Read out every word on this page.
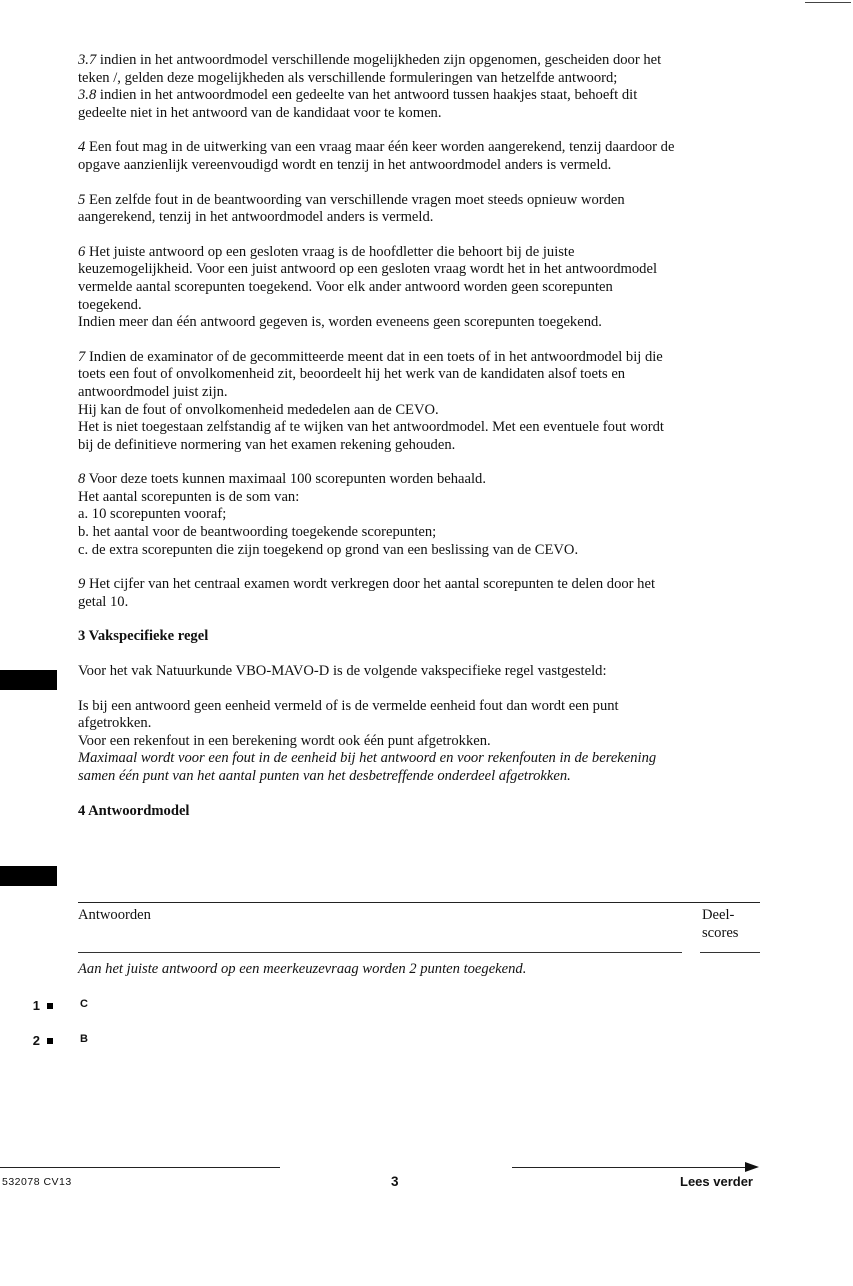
3.7 indien in het antwoordmodel verschillende mogelijkheden zijn opgenomen, gescheiden door het teken /, gelden deze mogelijkheden als verschillende formuleringen van hetzelfde antwoord;

3.8 indien in het antwoordmodel een gedeelte van het antwoord tussen haakjes staat, behoeft dit gedeelte niet in het antwoord van de kandidaat voor te komen.

4 Een fout mag in de uitwerking van een vraag maar één keer worden aangerekend, tenzij daardoor de opgave aanzienlijk vereenvoudigd wordt en tenzij in het antwoordmodel anders is vermeld.

5 Een zelfde fout in de beantwoording van verschillende vragen moet steeds opnieuw worden aangerekend, tenzij in het antwoordmodel anders is vermeld.

6 Het juiste antwoord op een gesloten vraag is de hoofdletter die behoort bij de juiste keuzemogelijkheid. Voor een juist antwoord op een gesloten vraag wordt het in het antwoordmodel vermelde aantal scorepunten toegekend. Voor elk ander antwoord worden geen scorepunten toegekend.

Indien meer dan één antwoord gegeven is, worden eveneens geen scorepunten toegekend.

7 Indien de examinator of de gecommitteerde meent dat in een toets of in het antwoordmodel bij die toets een fout of onvolkomenheid zit, beoordeelt hij het werk van de kandidaten alsof toets en antwoordmodel juist zijn.

Hij kan de fout of onvolkomenheid mededelen aan de CEVO.

Het is niet toegestaan zelfstandig af te wijken van het antwoordmodel. Met een eventuele fout wordt bij de definitieve normering van het examen rekening gehouden.

8 Voor deze toets kunnen maximaal 100 scorepunten worden behaald.

Het aantal scorepunten is de som van:

a. 10 scorepunten vooraf;

b. het aantal voor de beantwoording toegekende scorepunten;

c. de extra scorepunten die zijn toegekend op grond van een beslissing van de CEVO.

9 Het cijfer van het centraal examen wordt verkregen door het aantal scorepunten te delen door het getal 10.

3 Vakspecifieke regel

Voor het vak Natuurkunde VBO-MAVO-D is de volgende vakspecifieke regel vastgesteld:

Is bij een antwoord geen eenheid vermeld of is de vermelde eenheid fout dan wordt een punt afgetrokken.

Voor een rekenfout in een berekening wordt ook één punt afgetrokken.

Maximaal wordt voor een fout in de eenheid bij het antwoord en voor rekenfouten in de berekening samen één punt van het aantal punten van het desbetreffende onderdeel afgetrokken.

4 Antwoordmodel

Antwoorden	Deel-
scores
Aan het juiste antwoord op een meerkeuzevraag worden 2 punten toegekend.
1	C
2	B
532078 CV13	3	Lees verder
